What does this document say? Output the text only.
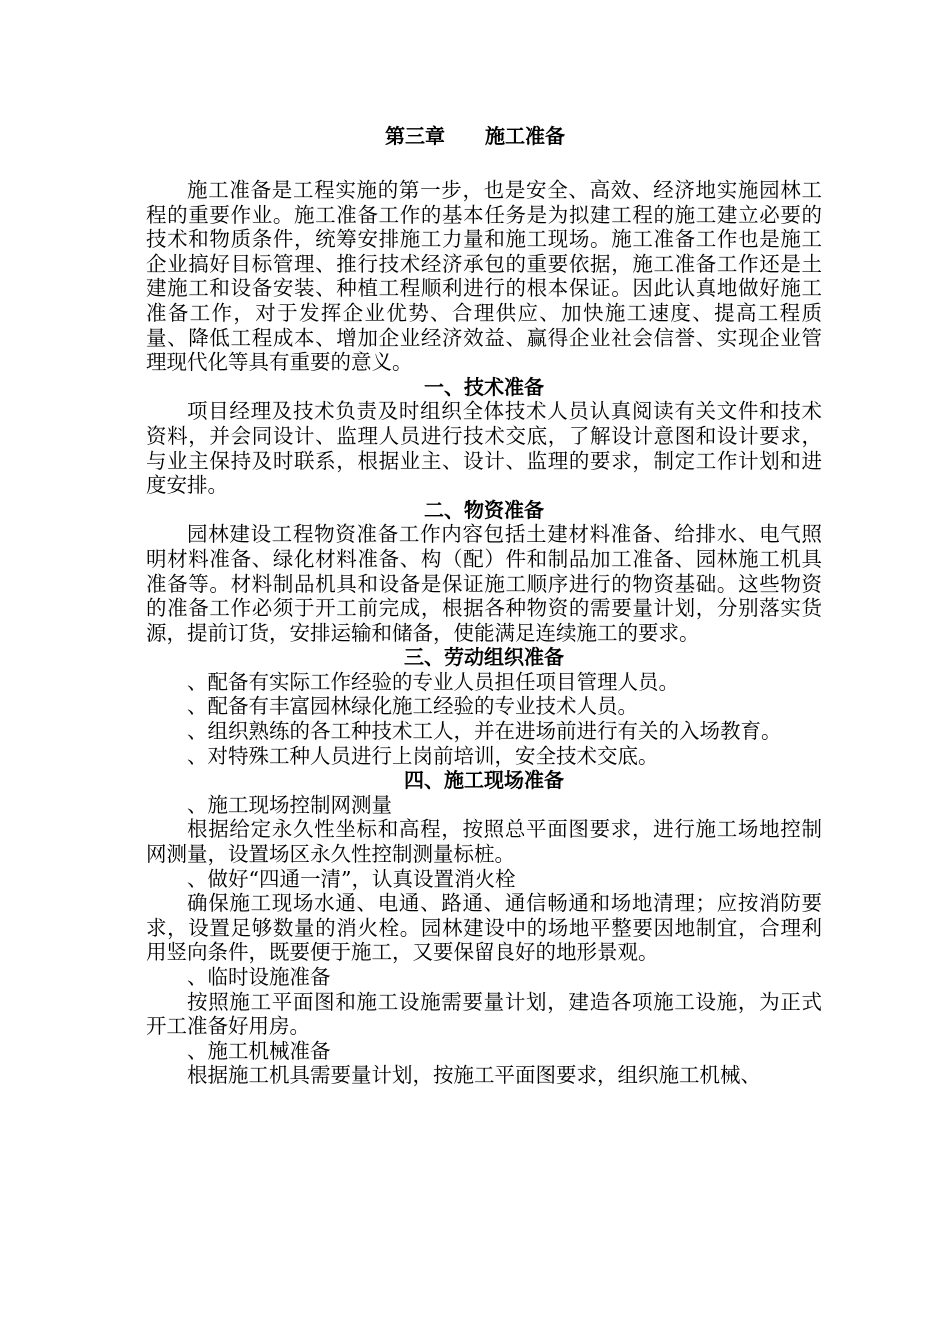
第三章　　施工准备

施工准备是工程实施的第一步，也是安全、高效、经济地实施园林工程的重要作业。施工准备工作的基本任务是为拟建工程的施工建立必要的技术和物质条件，统筹安排施工力量和施工现场。施工准备工作也是施工企业搞好目标管理、推行技术经济承包的重要依据，施工准备工作还是土建施工和设备安装、种植工程顺利进行的根本保证。因此认真地做好施工准备工作，对于发挥企业优势、合理供应、加快施工速度、提高工程质量、降低工程成本、增加企业经济效益、赢得企业社会信誉、实现企业管理现代化等具有重要的意义。

一、技术准备

项目经理及技术负责及时组织全体技术人员认真阅读有关文件和技术资料，并会同设计、监理人员进行技术交底，了解设计意图和设计要求，与业主保持及时联系，根据业主、设计、监理的要求，制定工作计划和进度安排。

二、物资准备

园林建设工程物资准备工作内容包括土建材料准备、给排水、电气照明材料准备、绿化材料准备、构（配）件和制品加工准备、园林施工机具准备等。材料制品机具和设备是保证施工顺序进行的物资基础。这些物资的准备工作必须于开工前完成，根据各种物资的需要量计划，分别落实货源，提前订货，安排运输和储备，使能满足连续施工的要求。

三、劳动组织准备

、配备有实际工作经验的专业人员担任项目管理人员。

、配备有丰富园林绿化施工经验的专业技术人员。

、组织熟练的各工种技术工人，并在进场前进行有关的入场教育。

、对特殊工种人员进行上岗前培训，安全技术交底。

四、施工现场准备

、施工现场控制网测量

根据给定永久性坐标和高程，按照总平面图要求，进行施工场地控制网测量，设置场区永久性控制测量标桩。

、做好“四通一清”，认真设置消火栓

确保施工现场水通、电通、路通、通信畅通和场地清理；应按消防要求，设置足够数量的消火栓。园林建设中的场地平整要因地制宜，合理利用竖向条件，既要便于施工，又要保留良好的地形景观。

、临时设施准备

按照施工平面图和施工设施需要量计划，建造各项施工设施，为正式开工准备好用房。

、施工机械准备

根据施工机具需要量计划，按施工平面图要求，组织施工机械、
